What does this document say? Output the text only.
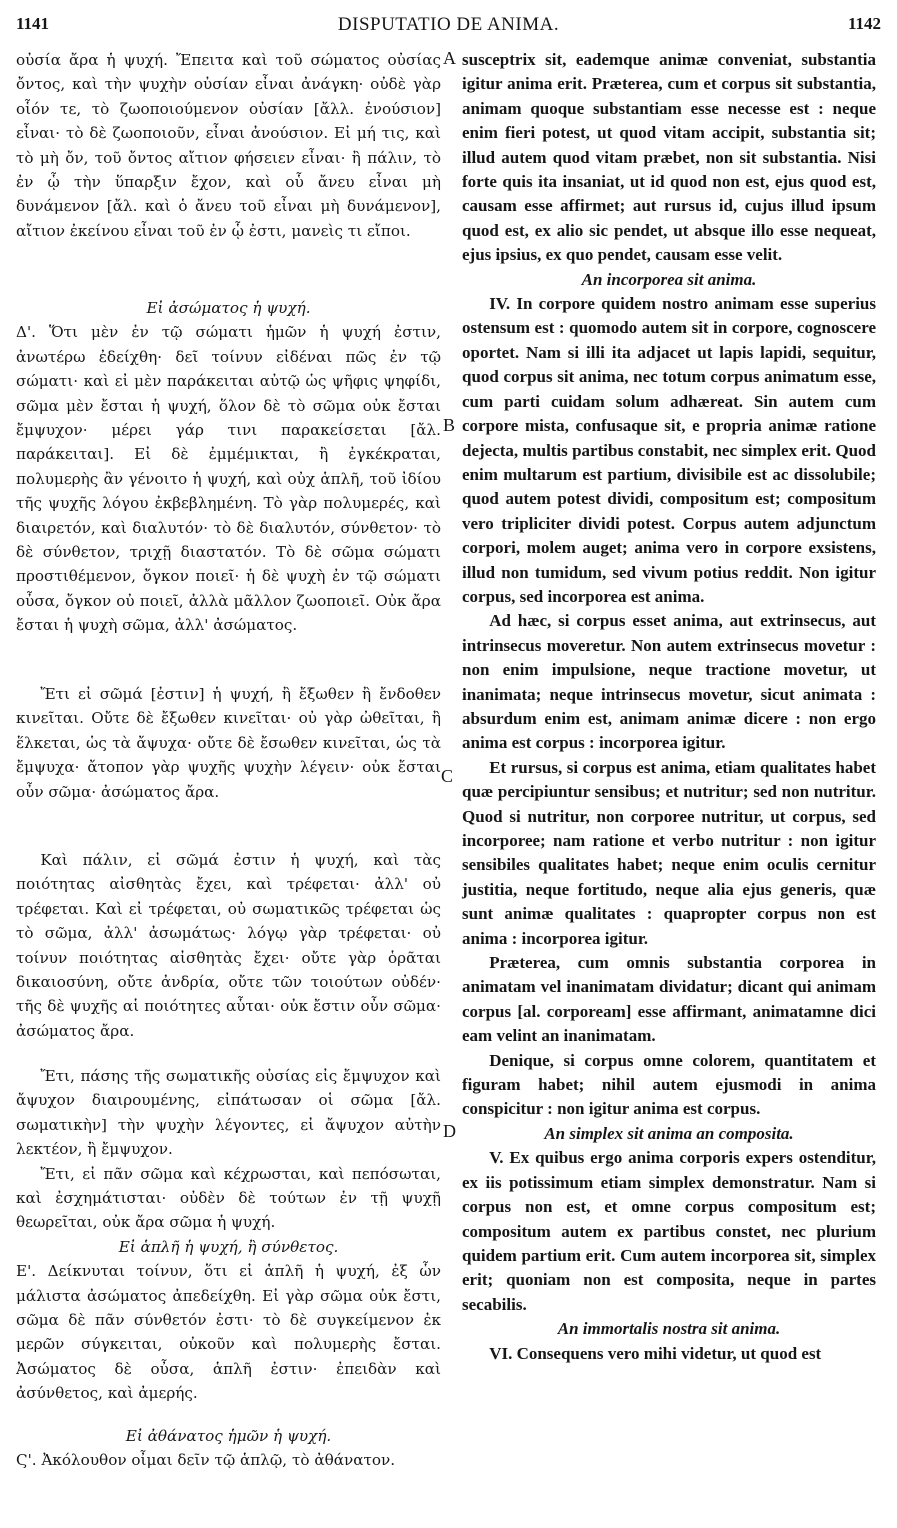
1141	DISPUTATIO DE ANIMA.	1142

οὐσία ἄρα ἡ ψυχή. Ἔπειτα καὶ τοῦ σώματος οὐσίας ὄντος, καὶ τὴν ψυχὴν οὐσίαν εἶναι ἀνάγκη· οὐδὲ γὰρ οἷόν τε, τὸ ζωοποιούμενον οὐσίαν [ἄλλ. ἐνούσιον] εἶναι· τὸ δὲ ζωοποιοῦν, εἶναι ἀνούσιον. Εἰ μή τις, καὶ τὸ μὴ ὄν, τοῦ ὄντος αἴτιον φήσειεν εἶναι· ἢ πάλιν, τὸ ἐν ᾧ τὴν ὕπαρξιν ἔχον, καὶ οὗ ἄνευ εἶναι μὴ δυνάμενον [ἄλ. καὶ ὁ ἄνευ τοῦ εἶναι μὴ δυνάμενον], αἴτιον ἐκείνου εἶναι τοῦ ἐν ᾧ ἐστι, μανεὶς τι εἴποι.

Εἰ ἀσώματος ἡ ψυχή.

Δ'. Ὅτι μὲν ἐν τῷ σώματι ἡμῶν ἡ ψυχή ἐστιν, ἀνωτέρω ἐδείχθη· δεῖ τοίνυν εἰδέναι πῶς ἐν τῷ σώματι· καὶ εἰ μὲν παράκειται αὐτῷ ὡς ψῆφις ψηφίδι, σῶμα μὲν ἔσται ἡ ψυχή, ὅλον δὲ τὸ σῶμα οὐκ ἔσται ἔμψυχον· μέρει γάρ τινι παρακείσεται [ἄλ. παράκειται]. Εἰ δὲ ἐμμέμικται, ἢ ἐγκέκραται, πολυμερὴς ἂν γένοιτο ἡ ψυχή, καὶ οὐχ ἁπλῆ, τοῦ ἰδίου τῆς ψυχῆς λόγου ἐκβεβλημένη. Τὸ γὰρ πολυμερές, καὶ διαιρετόν, καὶ διαλυτόν· τὸ δὲ διαλυτόν, σύνθετον· τὸ δὲ σύνθετον, τριχῇ διαστατόν. Τὸ δὲ σῶμα σώματι προστιθέμενον, ὄγκον ποιεῖ· ἡ δὲ ψυχὴ ἐν τῷ σώματι οὖσα, ὄγκον οὐ ποιεῖ, ἀλλὰ μᾶλλον ζωοποιεῖ. Οὐκ ἄρα ἔσται ἡ ψυχὴ σῶμα, ἀλλ' ἀσώματος.

Ἔτι εἰ σῶμά [ἐστιν] ἡ ψυχή, ἢ ἔξωθεν ἢ ἔνδοθεν κινεῖται. Οὔτε δὲ ἔξωθεν κινεῖται· οὐ γὰρ ὠθεῖται, ἢ ἕλκεται, ὡς τὰ ἄψυχα· οὔτε δὲ ἔσωθεν κινεῖται, ὡς τὰ ἔμψυχα· ἄτοπον γὰρ ψυχῆς ψυχὴν λέγειν· οὐκ ἔσται οὖν σῶμα· ἀσώματος ἄρα.

Καὶ πάλιν, εἰ σῶμά ἐστιν ἡ ψυχή, καὶ τὰς ποιότητας αἰσθητὰς ἔχει, καὶ τρέφεται· ἀλλ' οὐ τρέφεται. Καὶ εἰ τρέφεται, οὐ σωματικῶς τρέφεται ὡς τὸ σῶμα, ἀλλ' ἀσωμάτως· λόγῳ γὰρ τρέφεται· οὐ τοίνυν ποιότητας αἰσθητὰς ἔχει· οὔτε γὰρ ὁρᾶται δικαιοσύνη, οὔτε ἀνδρία, οὔτε τῶν τοιούτων οὐδέν· τῆς δὲ ψυχῆς αἱ ποιότητες αὗται· οὐκ ἔστιν οὖν σῶμα· ἀσώματος ἄρα.

Ἔτι, πάσης τῆς σωματικῆς οὐσίας εἰς ἔμψυχον καὶ ἄψυχον διαιρουμένης, εἰπάτωσαν οἱ σῶμα [ἄλ. σωματικὴν] τὴν ψυχὴν λέγοντες, εἰ ἄψυχον αὐτὴν λεκτέον, ἢ ἔμψυχον.

Ἔτι, εἰ πᾶν σῶμα καὶ κέχρωσται, καὶ πεπόσωται, καὶ ἐσχημάτισται· οὐδὲν δὲ τούτων ἐν τῇ ψυχῇ θεωρεῖται, οὐκ ἄρα σῶμα ἡ ψυχή.

Εἰ ἁπλῆ ἡ ψυχή, ἢ σύνθετος.

Ε'. Δείκνυται τοίνυν, ὅτι εἰ ἁπλῆ ἡ ψυχή, ἐξ ὧν μάλιστα ἀσώματος ἀπεδείχθη. Εἰ γὰρ σῶμα οὐκ ἔστι, σῶμα δὲ πᾶν σύνθετόν ἐστι· τὸ δὲ συγκείμενον ἐκ μερῶν σύγκειται, οὐκοῦν καὶ πολυμερὴς ἔσται. Ἀσώματος δὲ οὖσα, ἁπλῆ ἐστιν· ἐπειδὰν καὶ ἀσύνθετος, καὶ ἀμερής.

Εἰ ἀθάνατος ἡμῶν ἡ ψυχή.

Ϛ'. Ἀκόλουθον οἶμαι δεῖν τῷ ἁπλῷ, τὸ ἀθάνατον.

A
B
C
D

susceptrix sit, eademque animæ conveniat, substantia igitur anima erit. Præterea, cum et corpus sit substantia, animam quoque substantiam esse necesse est : neque enim fieri potest, ut quod vitam accipit, substantia sit; illud autem quod vitam præbet, non sit substantia. Nisi forte quis ita insaniat, ut id quod non est, ejus quod est, causam esse affirmet; aut rursus id, cujus illud ipsum quod est, ex alio sic pendet, ut absque illo esse nequeat, ejus ipsius, ex quo pendet, causam esse velit.

An incorporea sit anima.

IV. In corpore quidem nostro animam esse superius ostensum est : quomodo autem sit in corpore, cognoscere oportet. Nam si illi ita adjacet ut lapis lapidi, sequitur, quod corpus sit anima, nec totum corpus animatum esse, cum parti cuidam solum adhæreat. Sin autem cum corpore mista, confusaque sit, e propria animæ ratione dejecta, multis partibus constabit, nec simplex erit. Quod enim multarum est partium, divisibile est ac dissolubile; quod autem potest dividi, compositum est; compositum vero tripliciter dividi potest. Corpus autem adjunctum corpori, molem auget; anima vero in corpore exsistens, illud non tumidum, sed vivum potius reddit. Non igitur corpus, sed incorporea est anima.

Ad hæc, si corpus esset anima, aut extrinsecus, aut intrinsecus moveretur. Non autem extrinsecus movetur : non enim impulsione, neque tractione movetur, ut inanimata; neque intrinsecus movetur, sicut animata : absurdum enim est, animam animæ dicere : non ergo anima est corpus : incorporea igitur.

Et rursus, si corpus est anima, etiam qualitates habet quæ percipiuntur sensibus; et nutritur; sed non nutritur. Quod si nutritur, non corporee nutritur, ut corpus, sed incorporee; nam ratione et verbo nutritur : non igitur sensibiles qualitates habet; neque enim oculis cernitur justitia, neque fortitudo, neque alia ejus generis, quæ sunt animæ qualitates : quapropter corpus non est anima : incorporea igitur.

Præterea, cum omnis substantia corporea in animatam vel inanimatam dividatur; dicant qui animam corpus [al. corpoream] esse affirmant, animatamne dici eam velint an inanimatam.

Denique, si corpus omne colorem, quantitatem et figuram habet; nihil autem ejusmodi in anima conspicitur : non igitur anima est corpus.

An simplex sit anima an composita.

V. Ex quibus ergo anima corporis expers ostenditur, ex iis potissimum etiam simplex demonstratur. Nam si corpus non est, et omne corpus compositum est; compositum autem ex partibus constet, nec plurium quidem partium erit. Cum autem incorporea sit, simplex erit; quoniam non est composita, neque in partes secabilis.

An immortalis nostra sit anima.

VI. Consequens vero mihi videtur, ut quod est
